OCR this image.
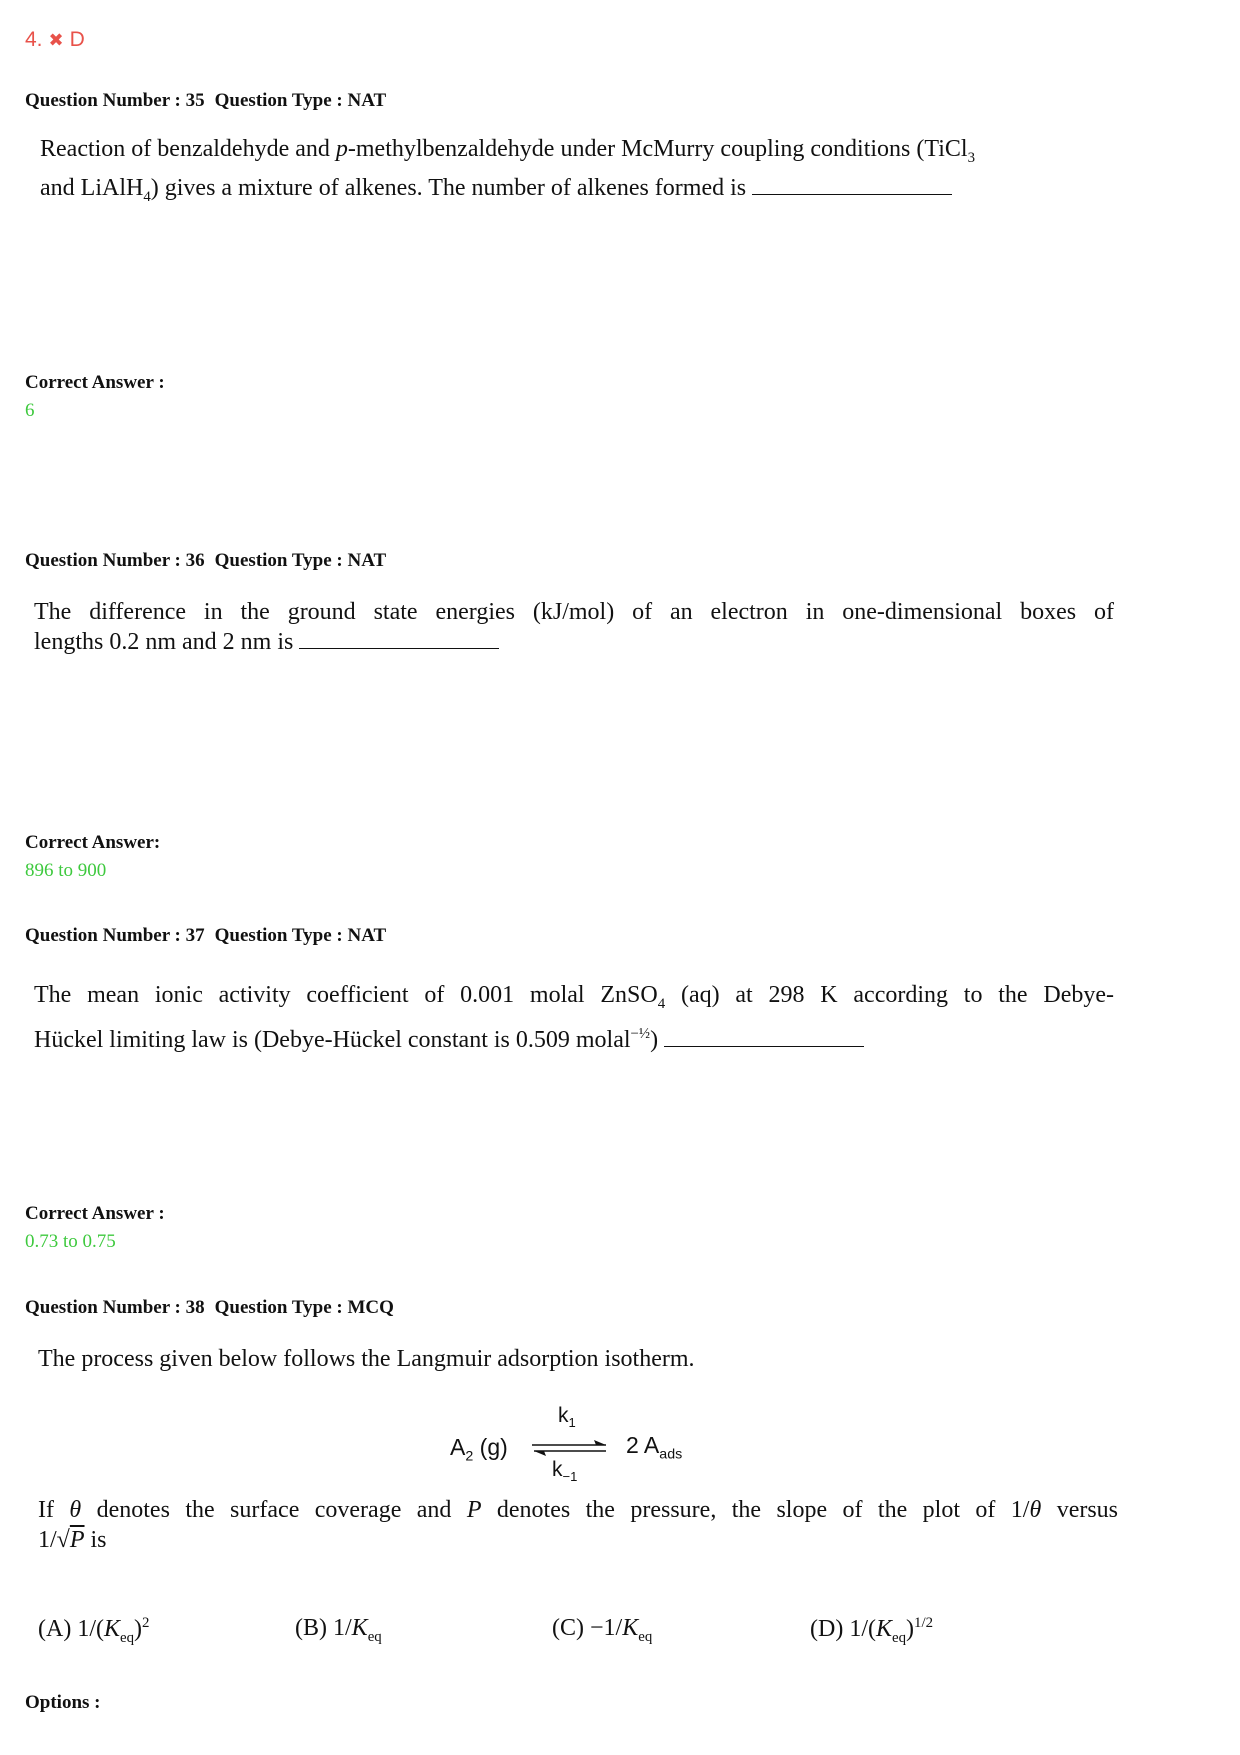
4. ✖ D
Question Number : 35 Question Type : NAT
Reaction of benzaldehyde and p-methylbenzaldehyde under McMurry coupling conditions (TiCl$_3$
and LiAlH$_4$) gives a mixture of alkenes. The number of alkenes formed is
Correct Answer :
6
Question Number : 36 Question Type : NAT
The difference in the ground state energies (kJ/mol) of an electron in one-dimensional boxes of
lengths 0.2 nm and 2 nm is
Correct Answer:
896 to 900
Question Number : 37 Question Type : NAT
The mean ionic activity coefficient of 0.001 molal ZnSO$_4$ (aq) at 298 K according to the Debye-
Hückel limiting law is (Debye-Hückel constant is 0.509 molal$^{-\frac{1}{2}}$)
Correct Answer :
0.73 to 0.75
Question Number : 38 Question Type : MCQ
The process given below follows the Langmuir adsorption isotherm.
$A_2$ (g)
$k_1$
$k_{-1}$
2 $A_{ads}$
If θ denotes the surface coverage and P denotes the pressure, the slope of the plot of 1/θ versus
1/√P is
(A) $1/(K_{eq})^2$	(B) $1/K_{eq}$	$(C) -1/K_{eq}$	(D) $1/(K_{eq})^{1/2}$
Options :
